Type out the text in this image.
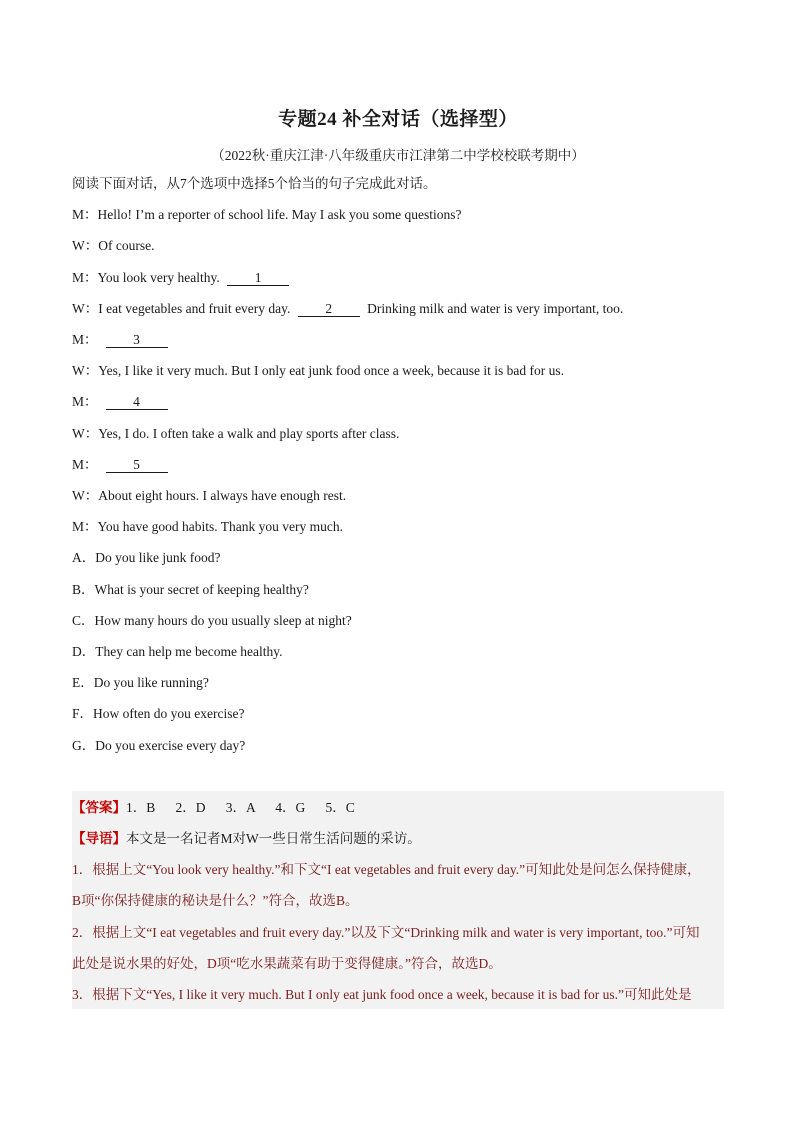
专题24 补全对话（选择型）
（2022秋·重庆江津·八年级重庆市江津第二中学校校联考期中）
阅读下面对话，从7个选项中选择5个恰当的句子完成此对话。
M：Hello! I’m a reporter of school life. May I ask you some questions?
W：Of course.
M：You look very healthy. 1
W：I eat vegetables and fruit every day. 2 Drinking milk and water is very important, too.
M：	3
W：Yes, I like it very much. But I only eat junk food once a week, because it is bad for us.
M：	4
W：Yes, I do. I often take a walk and play sports after class.
M：	5
W：About eight hours. I always have enough rest.
M：You have good habits. Thank you very much.
A．Do you like junk food?
B．What is your secret of keeping healthy?
C．How many hours do you usually sleep at night?
D．They can help me become healthy.
E．Do you like running?
F．How often do you exercise?
G．Do you exercise every day?
【答案】1．B      2．D      3．A      4．G      5．C
【导语】本文是一名记者M对W一些日常生活问题的采访。
1．根据上文“You look very healthy.”和下文“I eat vegetables and fruit every day.”可知此处是问怎么保持健康，
B项“你保持健康的秘诀是什么？”符合，故选B。
2．根据上文“I eat vegetables and fruit every day.”以及下文“Drinking milk and water is very important, too.”可知
此处是说水果的好处，D项“吃水果蔬菜有助于变得健康。”符合，故选D。
3．根据下文“Yes, I like it very much. But I only eat junk food once a week, because it is bad for us.”可知此处是
